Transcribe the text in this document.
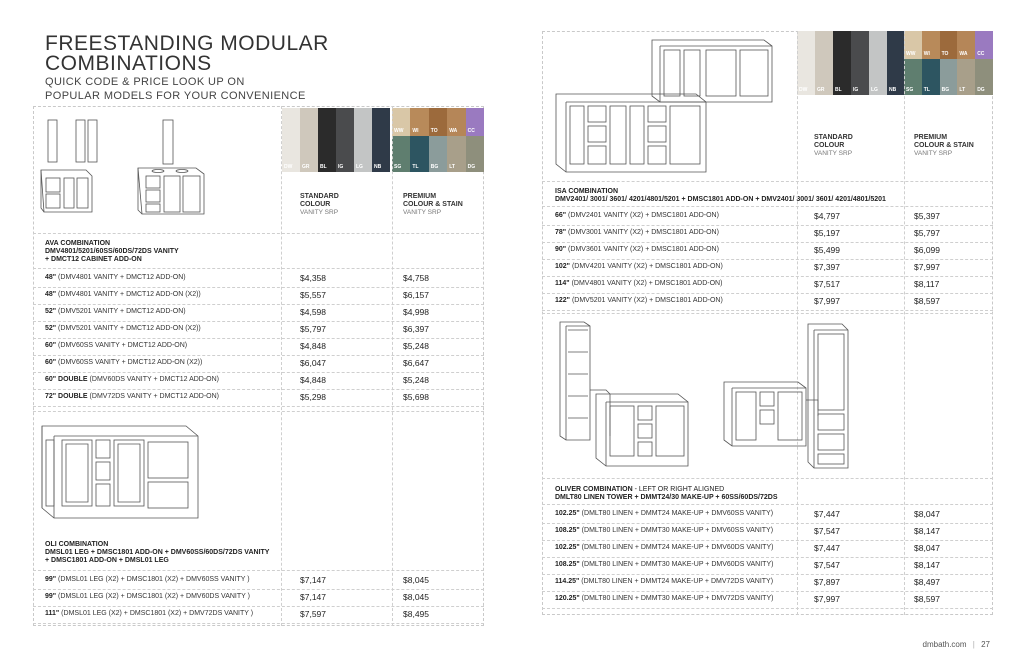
FREESTANDING MODULAR
COMBINATIONS
QUICK CODE & PRICE LOOK UP ON
POPULAR MODELS FOR YOUR CONVENIENCE
DW GR BL IG	LG NB
WW WI TO WA CC
SG TL BG LT	DG
STANDARD
COLOUR
VANITY SRP
PREMIUM
COLOUR & STAIN
VANITY SRP
AVA COMBINATION
DMV4801/5201/60SS/60DS/72DS VANITY
+ DMCT12 CABINET ADD-ON
48" (DMV4801 VANITY + DMCT12 ADD-ON)	$4,358	$4,758
48" (DMV4801 VANITY + DMCT12 ADD-ON (X2))	$5,557	$6,157
52" (DMV5201 VANITY + DMCT12 ADD-ON)	$4,598	$4,998
52" (DMV5201 VANITY + DMCT12 ADD-ON (X2))	$5,797	$6,397
60" (DMV60SS VANITY + DMCT12 ADD-ON)	$4,848	$5,248
60" (DMV60SS VANITY + DMCT12 ADD-ON (X2))	$6,047	$6,647
60" DOUBLE (DMV60DS VANITY + DMCT12 ADD-ON)	$4,848	$5,248
72" DOUBLE (DMV72DS VANITY + DMCT12 ADD-ON)	$5,298	$5,698
OLI COMBINATION
DMSL01 LEG + DMSC1801 ADD-ON + DMV60SS/60DS/72DS VANITY
+ DMSC1801 ADD-ON + DMSL01 LEG
99" (DMSL01 LEG (X2) + DMSC1801 (X2) + DMV60SS VANITY )	$7,147	$8,045
99" (DMSL01 LEG (X2) + DMSC1801 (X2) + DMV60DS VANITY )	$7,147	$8,045
111" (DMSL01 LEG (X2) + DMSC1801 (X2) + DMV72DS VANITY )	$7,597	$8,495
DW GR BL IG	LG NB
WW WI TO WA CC
SG TL BG LT DG
STANDARD
COLOUR
VANITY SRP
PREMIUM
COLOUR & STAIN
VANITY SRP
ISA COMBINATION
DMV2401/ 3001/ 3601/ 4201/4801/5201 + DMSC1801 ADD-ON + DMV2401/ 3001/ 3601/ 4201/4801/5201
66" (DMV2401 VANITY (X2) + DMSC1801 ADD-ON)	$4,797	$5,397
78" (DMV3001 VANITY (X2) + DMSC1801 ADD-ON)	$5,197	$5,797
90" (DMV3601 VANITY (X2) + DMSC1801 ADD-ON)	$5,499	$6,099
102" (DMV4201 VANITY (X2) + DMSC1801 ADD-ON)	$7,397	$7,997
114" (DMV4801 VANITY (X2) + DMSC1801 ADD-ON)	$7,517	$8,117
122" (DMV5201 VANITY (X2) + DMSC1801 ADD-ON)	$7,997	$8,597
OLIVER COMBINATION - LEFT OR RIGHT ALIGNED
DMLT80 LINEN TOWER + DMMT24/30 MAKE-UP + 60SS/60DS/72DS
102.25" (DMLT80 LINEN + DMMT24 MAKE-UP + DMV60SS VANITY)	$7,447	$8,047
108.25" (DMLT80 LINEN + DMMT30 MAKE-UP + DMV60SS VANITY)	$7,547	$8,147
102.25" (DMLT80 LINEN + DMMT24 MAKE-UP + DMV60DS VANITY)	$7,447	$8,047
108.25" (DMLT80 LINEN + DMMT30 MAKE-UP + DMV60DS VANITY)	$7,547	$8,147
114.25" (DMLT80 LINEN + DMMT24 MAKE-UP + DMV72DS VANITY)	$7,897	$8,497
120.25" (DMLT80 LINEN + DMMT30 MAKE-UP + DMV72DS VANITY)	$7,997	$8,597
dmbath.com | 27
